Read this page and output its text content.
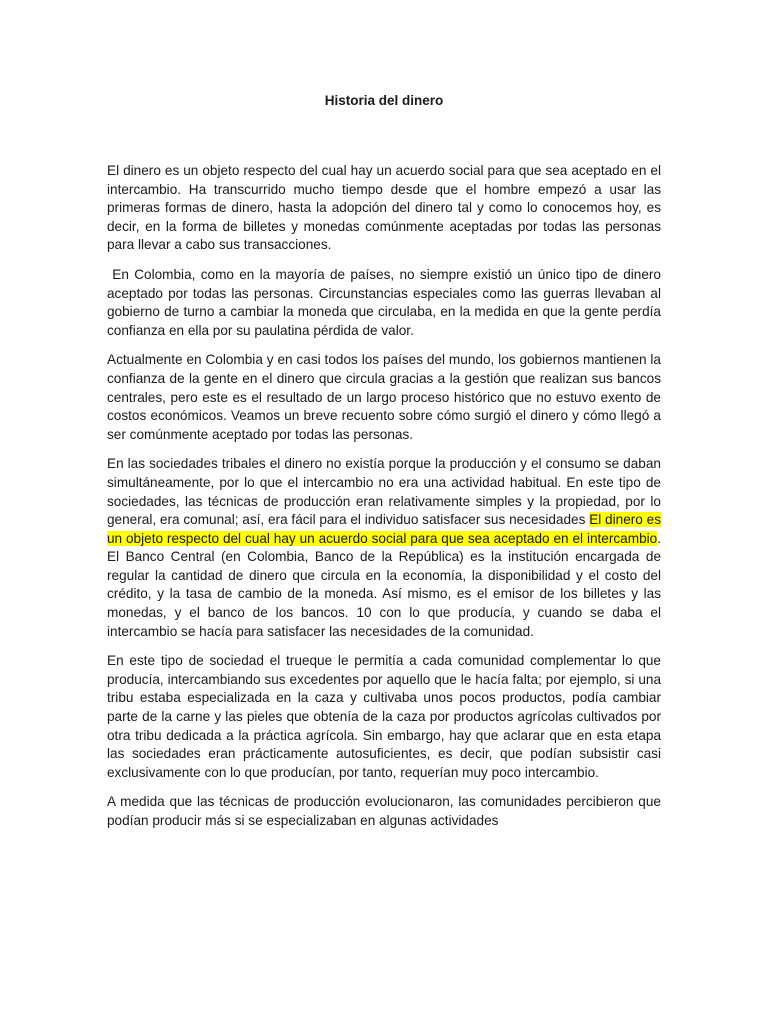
Historia del dinero

El dinero es un objeto respecto del cual hay un acuerdo social para que sea aceptado en el intercambio. Ha transcurrido mucho tiempo desde que el hombre empezó a usar las primeras formas de dinero, hasta la adopción del dinero tal y como lo conocemos hoy, es decir, en la forma de billetes y monedas comúnmente aceptadas por todas las personas para llevar a cabo sus transacciones.

En Colombia, como en la mayoría de países, no siempre existió un único tipo de dinero aceptado por todas las personas. Circunstancias especiales como las guerras llevaban al gobierno de turno a cambiar la moneda que circulaba, en la medida en que la gente perdía confianza en ella por su paulatina pérdida de valor.

Actualmente en Colombia y en casi todos los países del mundo, los gobiernos mantienen la confianza de la gente en el dinero que circula gracias a la gestión que realizan sus bancos centrales, pero este es el resultado de un largo proceso histórico que no estuvo exento de costos económicos. Veamos un breve recuento sobre cómo surgió el dinero y cómo llegó a ser comúnmente aceptado por todas las personas.

En las sociedades tribales el dinero no existía porque la producción y el consumo se daban simultáneamente, por lo que el intercambio no era una actividad habitual. En este tipo de sociedades, las técnicas de producción eran relativamente simples y la propiedad, por lo general, era comunal; así, era fácil para el individuo satisfacer sus necesidades El dinero es un objeto respecto del cual hay un acuerdo social para que sea aceptado en el intercambio. El Banco Central (en Colombia, Banco de la República) es la institución encargada de regular la cantidad de dinero que circula en la economía, la disponibilidad y el costo del crédito, y la tasa de cambio de la moneda. Así mismo, es el emisor de los billetes y las monedas, y el banco de los bancos. 10 con lo que producía, y cuando se daba el intercambio se hacía para satisfacer las necesidades de la comunidad.

En este tipo de sociedad el trueque le permitía a cada comunidad complementar lo que producía, intercambiando sus excedentes por aquello que le hacía falta; por ejemplo, si una tribu estaba especializada en la caza y cultivaba unos pocos productos, podía cambiar parte de la carne y las pieles que obtenía de la caza por productos agrícolas cultivados por otra tribu dedicada a la práctica agrícola. Sin embargo, hay que aclarar que en esta etapa las sociedades eran prácticamente autosuficientes, es decir, que podían subsistir casi exclusivamente con lo que producían, por tanto, requerían muy poco intercambio.

A medida que las técnicas de producción evolucionaron, las comunidades percibieron que podían producir más si se especializaban en algunas actividades
